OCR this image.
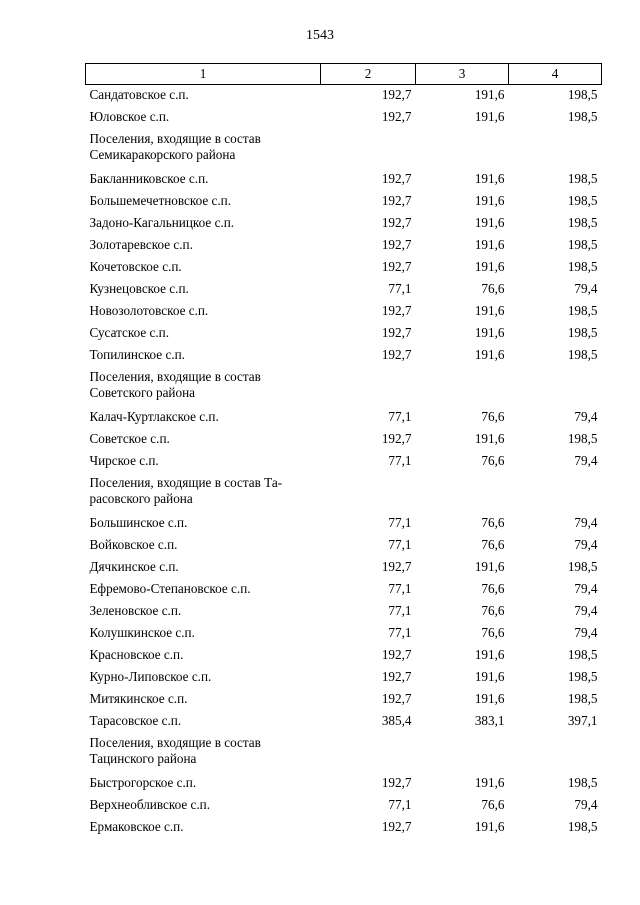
1543
1	2	3	4
Сандатовское с.п.	192,7	191,6	198,5
Юловское с.п.	192,7	191,6	198,5
Поселения, входящие в состав Семикаракорского района			
Бакланниковское с.п.	192,7	191,6	198,5
Большемечетновское с.п.	192,7	191,6	198,5
Задоно-Кагальницкое с.п.	192,7	191,6	198,5
Золотаревское с.п.	192,7	191,6	198,5
Кочетовское с.п.	192,7	191,6	198,5
Кузнецовское с.п.	77,1	76,6	79,4
Новозолотовское с.п.	192,7	191,6	198,5
Сусатское с.п.	192,7	191,6	198,5
Топилинское с.п.	192,7	191,6	198,5
Поселения, входящие в состав Советского района			
Калач-Куртлакское с.п.	77,1	76,6	79,4
Советское с.п.	192,7	191,6	198,5
Чирское с.п.	77,1	76,6	79,4
Поселения, входящие в состав Та-расовского района			
Большинское с.п.	77,1	76,6	79,4
Войковское с.п.	77,1	76,6	79,4
Дячкинское с.п.	192,7	191,6	198,5
Ефремово-Степановское с.п.	77,1	76,6	79,4
Зеленовское с.п.	77,1	76,6	79,4
Колушкинское с.п.	77,1	76,6	79,4
Красновское с.п.	192,7	191,6	198,5
Курно-Липовское с.п.	192,7	191,6	198,5
Митякинское с.п.	192,7	191,6	198,5
Тарасовское с.п.	385,4	383,1	397,1
Поселения, входящие в состав Тацинского района			
Быстрогорское с.п.	192,7	191,6	198,5
Верхнеобливское с.п.	77,1	76,6	79,4
Ермаковское с.п.	192,7	191,6	198,5
